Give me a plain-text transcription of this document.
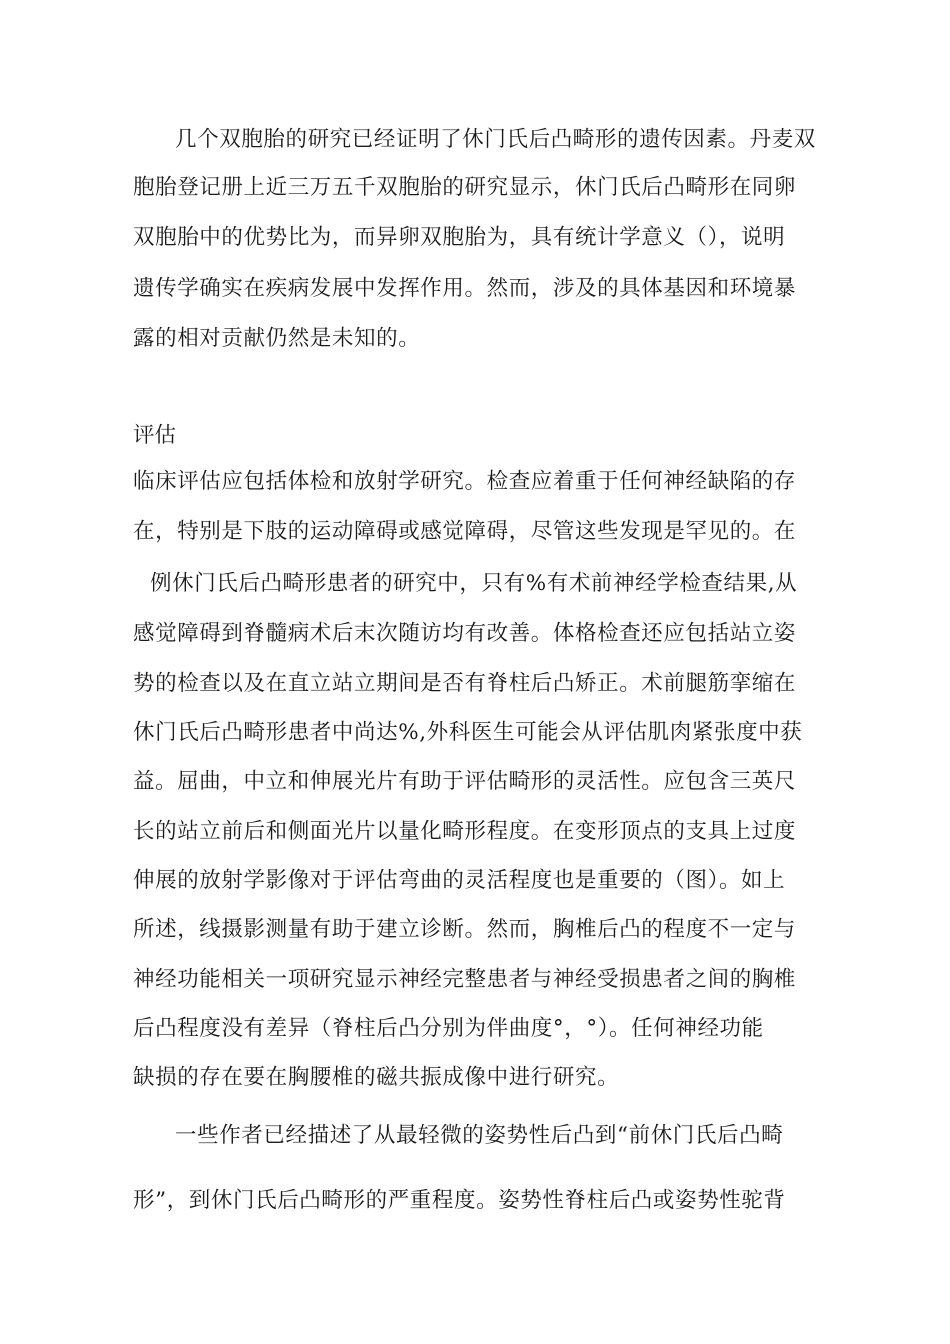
几个双胞胎的研究已经证明了休门氏后凸畸形的遗传因素。丹麦双
胞胎登记册上近三万五千双胞胎的研究显示，休门氏后凸畸形在同卵
双胞胎中的优势比为，而异卵双胞胎为，具有统计学意义（），说明
遗传学确实在疾病发展中发挥作用。然而，涉及的具体基因和环境暴
露的相对贡献仍然是未知的。
评估
临床评估应包括体检和放射学研究。检查应着重于任何神经缺陷的存
在，特别是下肢的运动障碍或感觉障碍，尽管这些发现是罕见的。在
例休门氏后凸畸形患者的研究中，只有%有术前神经学检查结果,从
感觉障碍到脊髓病术后末次随访均有改善。体格检查还应包括站立姿
势的检查以及在直立站立期间是否有脊柱后凸矫正。术前腿筋挛缩在
休门氏后凸畸形患者中尚达%,外科医生可能会从评估肌肉紧张度中获
益。屈曲，中立和伸展光片有助于评估畸形的灵活性。应包含三英尺
长的站立前后和侧面光片以量化畸形程度。在变形顶点的支具上过度
伸展的放射学影像对于评估弯曲的灵活程度也是重要的（图）。如上
所述，线摄影测量有助于建立诊断。然而，胸椎后凸的程度不一定与
神经功能相关一项研究显示神经完整患者与神经受损患者之间的胸椎
后凸程度没有差异（脊柱后凸分别为伴曲度°，°）。任何神经功能
缺损的存在要在胸腰椎的磁共振成像中进行研究。
一些作者已经描述了从最轻微的姿势性后凸到“前休门氏后凸畸
形”，到休门氏后凸畸形的严重程度。姿势性脊柱后凸或姿势性驼背
